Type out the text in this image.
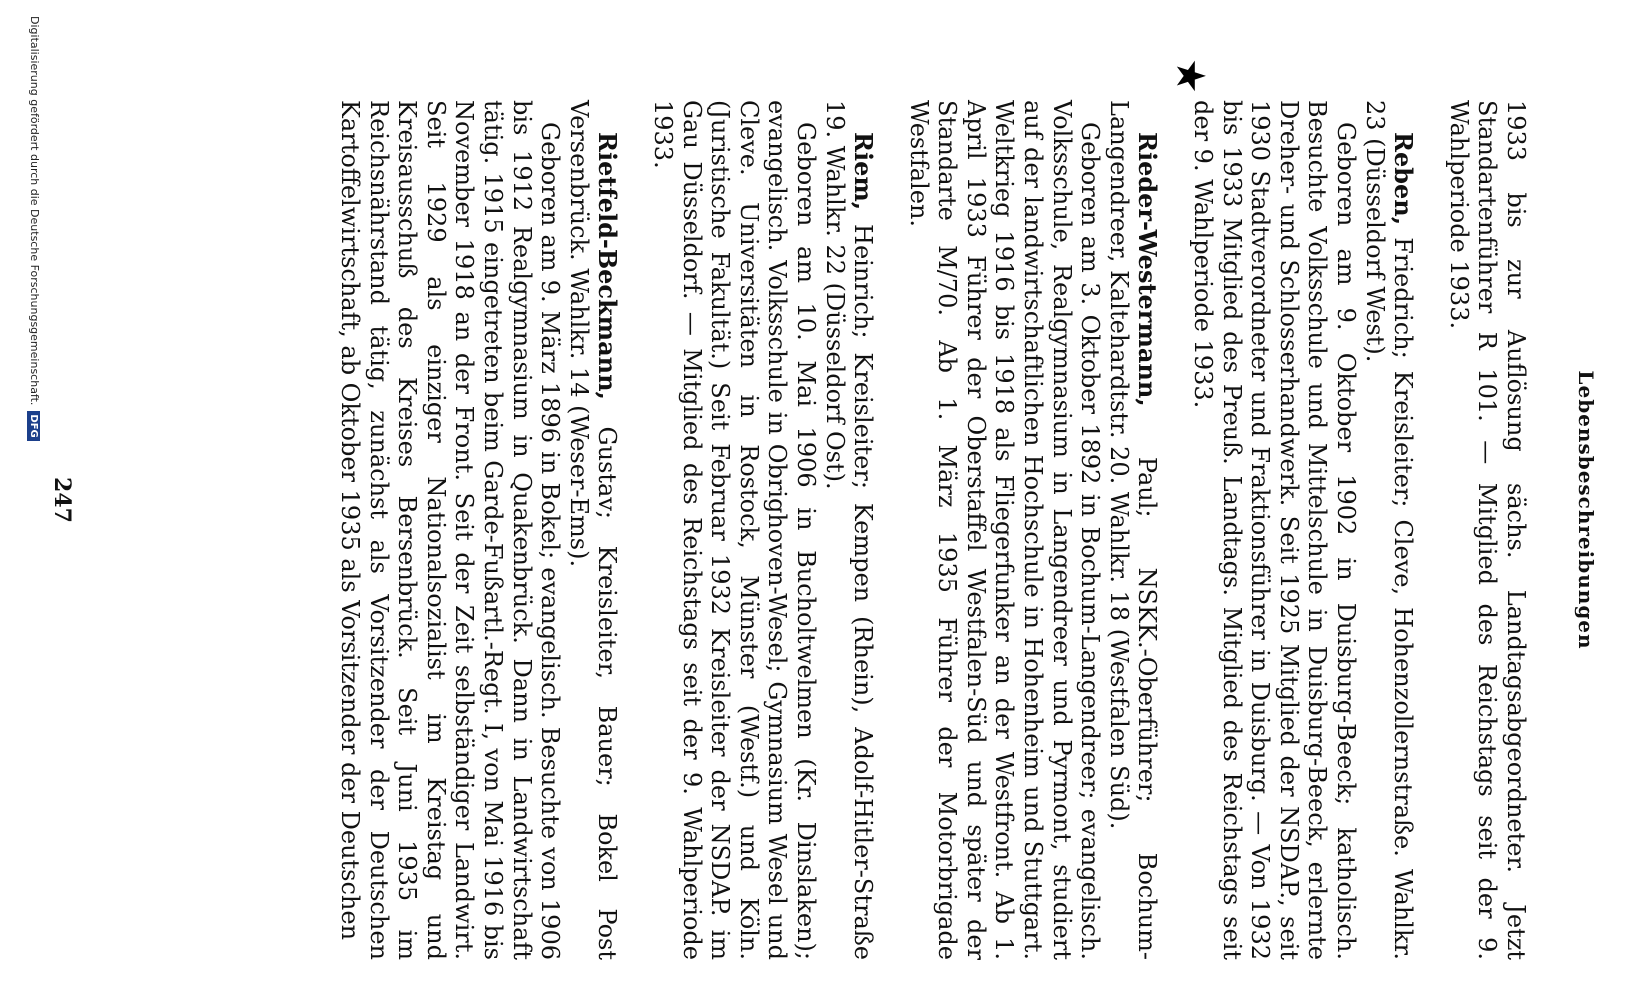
Lebensbeschreibungen
★

1933 bis zur Auflösung sächs. Landtagsabgeordneter. Jetzt Standartenführer R 101. — Mitglied des Reichstags seit der 9. Wahlperiode 1933.

Reben, Friedrich; Kreisleiter; Cleve, Hohenzollernstraße. Wahlkr. 23 (Düsseldorf West).

Geboren am 9. Oktober 1902 in Duisburg-Beeck; katholisch. Besuchte Volksschule und Mittelschule in Duisburg-Beeck, erlernte Dreher- und Schlosserhandwerk. Seit 1925 Mitglied der NSDAP., seit 1930 Stadtverordneter und Fraktionsführer in Duisburg. — Von 1932 bis 1933 Mitglied des Preuß. Landtags. Mitglied des Reichstags seit der 9. Wahlperiode 1933.

Rieder-Westermann, Paul; NSKK.-Oberführer; Bochum-Langendreer, Kaltehardtstr. 20. Wahlkr. 18 (Westfalen Süd).

Geboren am 3. Oktober 1892 in Bochum-Langendreer; evangelisch. Volksschule, Realgymnasium in Langendreer und Pyrmont, studiert auf der landwirtschaftlichen Hochschule in Hohenheim und Stuttgart. Weltkrieg 1916 bis 1918 als Fliegerfunker an der Westfront. Ab 1. April 1933 Führer der Oberstaffel Westfalen-Süd und später der Standarte M/70. Ab 1. März 1935 Führer der Motorbrigade Westfalen.

Riem, Heinrich; Kreisleiter; Kempen (Rhein), Adolf-Hitler-Straße 19. Wahlkr. 22 (Düsseldorf Ost).

Geboren am 10. Mai 1906 in Bucholtwelmen (Kr. Dinslaken); evangelisch. Volksschule in Obrighoven-Wesel; Gymnasium Wesel und Cleve. Universitäten in Rostock, Münster (Westf.) und Köln. (Juristische Fakultät.) Seit Februar 1932 Kreisleiter der NSDAP. im Gau Düsseldorf. — Mitglied des Reichstags seit der 9. Wahlperiode 1933.

Rietfeld-Beckmann, Gustav; Kreisleiter, Bauer; Bokel Post Versenbrück. Wahlkr. 14 (Weser-Ems).

Geboren am 9. März 1896 in Bokel; evangelisch. Besuchte von 1906 bis 1912 Realgymnasium in Quakenbrück. Dann in Landwirtschaft tätig. 1915 eingetreten beim Garde-Fußartl.-Regt. I, von Mai 1916 bis November 1918 an der Front. Seit der Zeit selbständiger Landwirt. Seit 1929 als einziger Nationalsozialist im Kreistag und Kreisausschuß des Kreises Bersenbrück. Seit Juni 1935 im Reichsnährstand tätig, zunächst als Vorsitzender der Deutschen Kartoffelwirtschaft, ab Oktober 1935 als Vorsitzender der Deutschen

247
Digitalisierung gefördert durch die Deutsche Forschungsgemeinschaft.DFG
